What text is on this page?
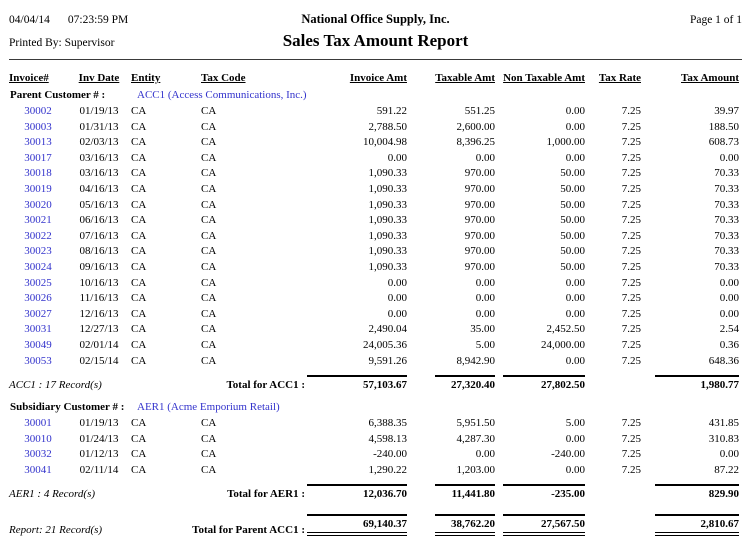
04/04/14 07:23:59 PM	National Office Supply, Inc.	Page 1 of 1
Printed By: Supervisor	Sales Tax Amount Report
Invoice#	Inv Date	Entity	Tax Code	Invoice Amt	Taxable Amt	Non Taxable Amt	Tax Rate	Tax Amount
Parent Customer # : ACC1 (Access Communications, Inc.)								
30002	01/19/13	CA	CA	591.22	551.25	0.00	7.25	39.97
30003	01/31/13	CA	CA	2,788.50	2,600.00	0.00	7.25	188.50
30013	02/03/13	CA	CA	10,004.98	8,396.25	1,000.00	7.25	608.73
30017	03/16/13	CA	CA	0.00	0.00	0.00	7.25	0.00
30018	03/16/13	CA	CA	1,090.33	970.00	50.00	7.25	70.33
30019	04/16/13	CA	CA	1,090.33	970.00	50.00	7.25	70.33
30020	05/16/13	CA	CA	1,090.33	970.00	50.00	7.25	70.33
30021	06/16/13	CA	CA	1,090.33	970.00	50.00	7.25	70.33
30022	07/16/13	CA	CA	1,090.33	970.00	50.00	7.25	70.33
30023	08/16/13	CA	CA	1,090.33	970.00	50.00	7.25	70.33
30024	09/16/13	CA	CA	1,090.33	970.00	50.00	7.25	70.33
30025	10/16/13	CA	CA	0.00	0.00	0.00	7.25	0.00
30026	11/16/13	CA	CA	0.00	0.00	0.00	7.25	0.00
30027	12/16/13	CA	CA	0.00	0.00	0.00	7.25	0.00
30031	12/27/13	CA	CA	2,490.04	35.00	2,452.50	7.25	2.54
30049	02/01/14	CA	CA	24,005.36	5.00	24,000.00	7.25	0.36
30053	02/15/14	CA	CA	9,591.26	8,942.90	0.00	7.25	648.36
ACC1 : 17 Record(s)		Total for ACC1 :		57,103.67	27,320.40	27,802.50		1,980.77
Subsidiary Customer # : AER1 (Acme Emporium Retail)								
30001	01/19/13	CA	CA	6,388.35	5,951.50	5.00	7.25	431.85
30010	01/24/13	CA	CA	4,598.13	4,287.30	0.00	7.25	310.83
30032	01/12/13	CA	CA	-240.00	0.00	-240.00	7.25	0.00
30041	02/11/14	CA	CA	1,290.22	1,203.00	0.00	7.25	87.22
AER1 : 4 Record(s)		Total for AER1 :		12,036.70	11,441.80	-235.00		829.90
Report: 21 Record(s)		Total for Parent ACC1 :		69,140.37	38,762.20	27,567.50		2,810.67
